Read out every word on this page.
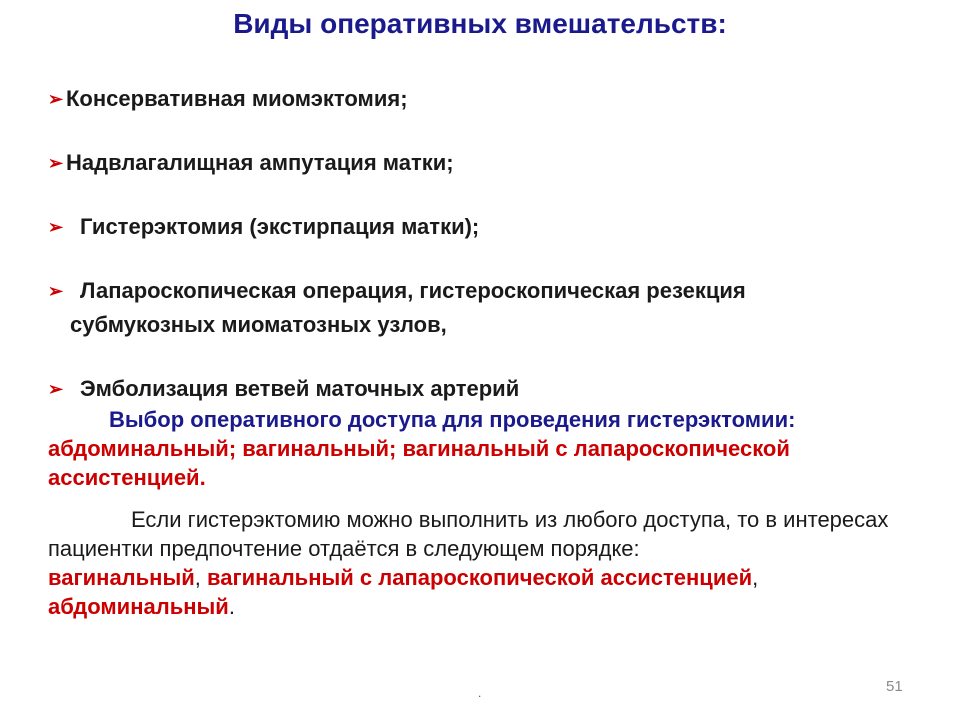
Виды оперативных вмешательств:
➢ Консервативная миомэктомия;
➢ Надвлагалищная ампутация матки;
➢ Гистерэктомия (экстирпация матки);
➢ Лапароскопическая операция, гистероскопическая резекция
субмукозных миоматозных узлов,
➢ Эмболизация ветвей маточных артерий
Выбор оперативного доступа для проведения гистерэктомии:
абдоминальный; вагинальный; вагинальный с лапароскопической ассистенцией.
Если гистерэктомию можно выполнить из любого доступа, то в интересах пациентки предпочтение отдаётся в следующем порядке:
вагинальный, вагинальный с лапароскопической ассистенцией, абдоминальный.
.	51
